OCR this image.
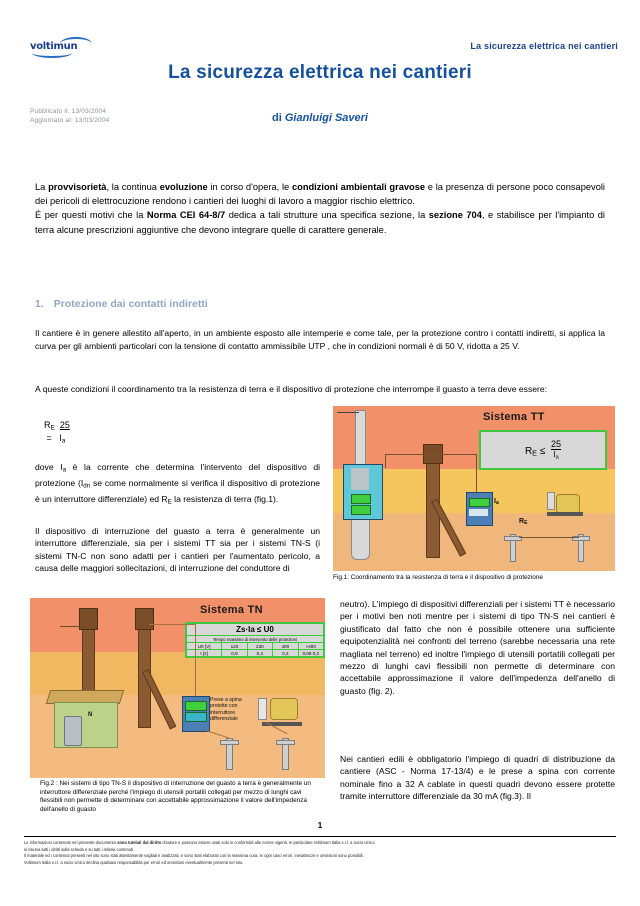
voltimun	La sicurezza elettrica nei cantieri
La sicurezza elettrica nei cantieri
Pubblicato il: 13/03/2004
Aggiornato al: 13/03/2004	di Gianluigi Saveri
La provvisorietà, la continua evoluzione in corso d'opera, le condizioni ambientali gravose e la presenza di persone poco consapevoli dei pericoli di elettrocuzione rendono i cantieri dei luoghi di lavoro a maggior rischio elettrico.
É per questi motivi che la Norma CEI 64-8/7 dedica a tali strutture una specifica sezione, la sezione 704, e stabilisce per l'impianto di terra alcune prescrizioni aggiuntive che devono integrare quelle di carattere generale.
1. Protezione dai contatti indiretti
Il cantiere è in genere allestito all'aperto, in un ambiente esposto alle intemperie e come tale, per la protezione contro i contatti indiretti, si applica la curva per gli ambienti particolari con la tensione di contatto ammissibile UTP , che in condizioni normali è di 50 V, ridotta a 25 V.
A queste condizioni il coordinamento tra la resistenza di terra e il dispositivo di protezione che interrompe il guasto a terra deve essere:
$R_E$ 25
=   $I_a$
dove $I_a$ è la corrente che determina l'intervento del dispositivo di protezione ($I_{dn}$ se come normalmente si verifica il dispositivo di protezione è un interruttore differenziale) ed $R_E$ la resistenza di terra (fig.1).
Il dispositivo di interruzione del guasto a terra è generalmente un interruttore differenziale, sia per i sistemi TT sia per i sistemi TN-S (i sistemi TN-C non sono adatti per i cantieri per l'aumentato pericolo, a causa delle maggiori sollecitazioni, di interruzione del conduttore di
neutro). L'impiego di dispositivi differenziali per i sistemi TT è necessario per i motivi ben noti mentre per i sistemi di tipo TN-S nei cantieri è giustificato dal fatto che non è possibile ottenere una sufficiente equipotenzialità nei confronti del terreno (sarebbe necessaria una rete magliata nel terreno) ed inoltre l'impiego di utensili portatili collegati per mezzo di lunghi cavi flessibili non permette di determinare con accettabile approssimazione il valore dell'impedenza dell'anello di guasto (fig. 2).
Nei cantieri edili è obbligatorio l'impiego di quadri di distribuzione da cantiere (ASC - Norma 17-13/4) e le prese a spina con corrente nominale fino a 32 A cablate in questi quadri devono essere protette tramite interruttore differenziale da 30 mA (fig.3). Il
Sistema TT
$R_E \le \frac{25}{I_a}$
$I_a$
$R_E$
Fig.1: Coordinamento tra la resistenza di terra e il dispositivo di protezione
Sistema TN
Zs·Ia ≤ U0
Tempo massimo di intervento delle protezioni
U0 [V]	120	230	400	>400
t [s]	0,8	0,4	0,2	0,08 0,2
N
Prese a spina protette con interruttore differenziale
Fig.2 : Nei sistemi di tipo TN-S il dispositivo di interruzione del guasto a terra è generalmente un interruttore differenziale perché l'impiego di utensili portatili collegati per mezzo di lunghi cavi flessibili non permette di determinare con accettabile approssimazione il valore dell'impedenza dell'anello di guasto
1
Le informazioni contenute nel presente documento sono tutelati dal diritto d'autore e possono essere usati solo in conformità alle norme vigenti. In particolare Voltimum Italia s.r.l. a socio Unico
si riserva tutti i diritti sulla scheda e su tutti i relativi contenuti.
Il materiale ed i contenuti presenti nel sito sono stati attentamente vagliati e analizzati, e sono stati elaborati con la massima cura. In ogni caso errori, inesattezze e omissioni sono possibili.
Voltimum Italia s.r.l. a socio Unico declina qualsiasi responsabilità per errori ed omissioni eventualmente presenti nel sito.
